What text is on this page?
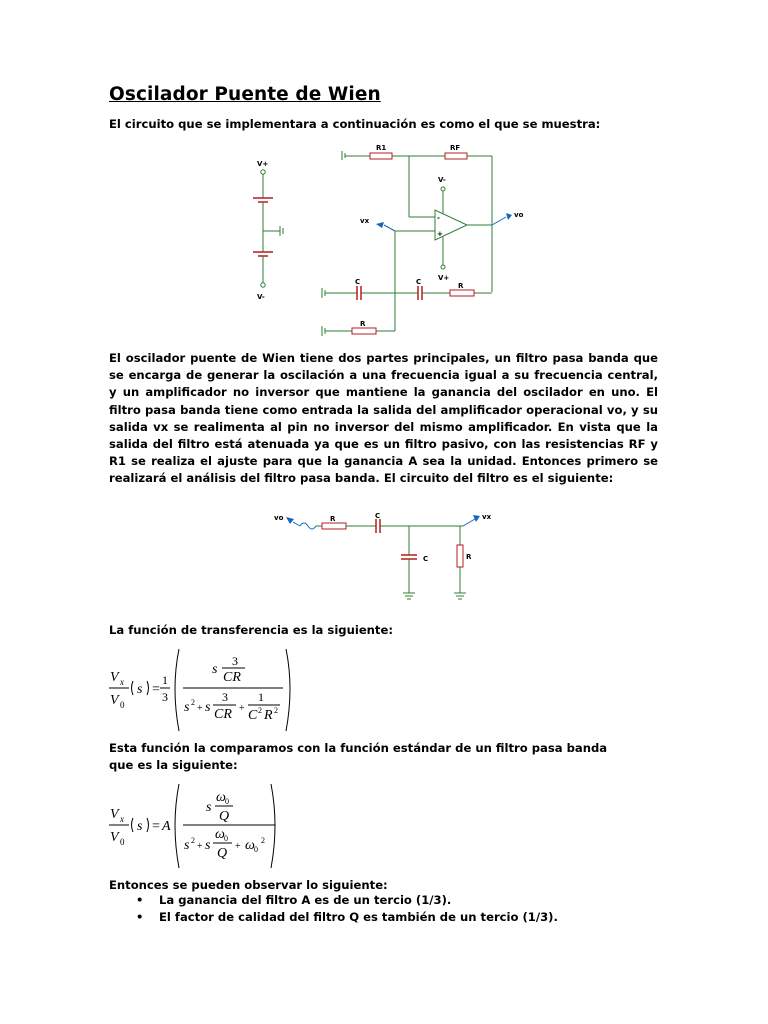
Oscilador Puente de Wien
El circuito que se implementara a continuación es como el que se muestra:
V+
V-
R1	RF
-
+
V-
V+
vo
vx
C	C	R
R
El oscilador puente de Wien tiene dos partes principales, un filtro pasa banda que se encarga de generar la oscilación a una frecuencia igual a su frecuencia central, y un amplificador no inversor que mantiene la ganancia del oscilador en uno. El filtro pasa banda tiene como entrada la salida del amplificador operacional vo, y su salida vx se realimenta al pin no inversor del mismo amplificador. En vista que la salida del filtro está atenuada ya que es un filtro pasivo, con las resistencias RF y R1 se realiza el ajuste para que la ganancia A sea la unidad. Entonces primero se realizará el análisis del filtro pasa banda. El circuito del filtro es el siguiente:
vo	R	C	vx
C	R
La función de transferencia es la siguiente:
V x
V 0
s =
1
3
s
3
CR
s 2
+ s
3
CR +
1
C 2 R 2
Esta función la comparamos con la función estándar de un filtro pasa banda que es la siguiente:
V x
V 0
s = A
s
ω 0
Q
s 2
+ s
ω 0
Q + ω 0
2
Entonces se pueden observar lo siguiente:
• La ganancia del filtro A es de un tercio (1/3).
• El factor de calidad del filtro Q es también de un tercio (1/3).
